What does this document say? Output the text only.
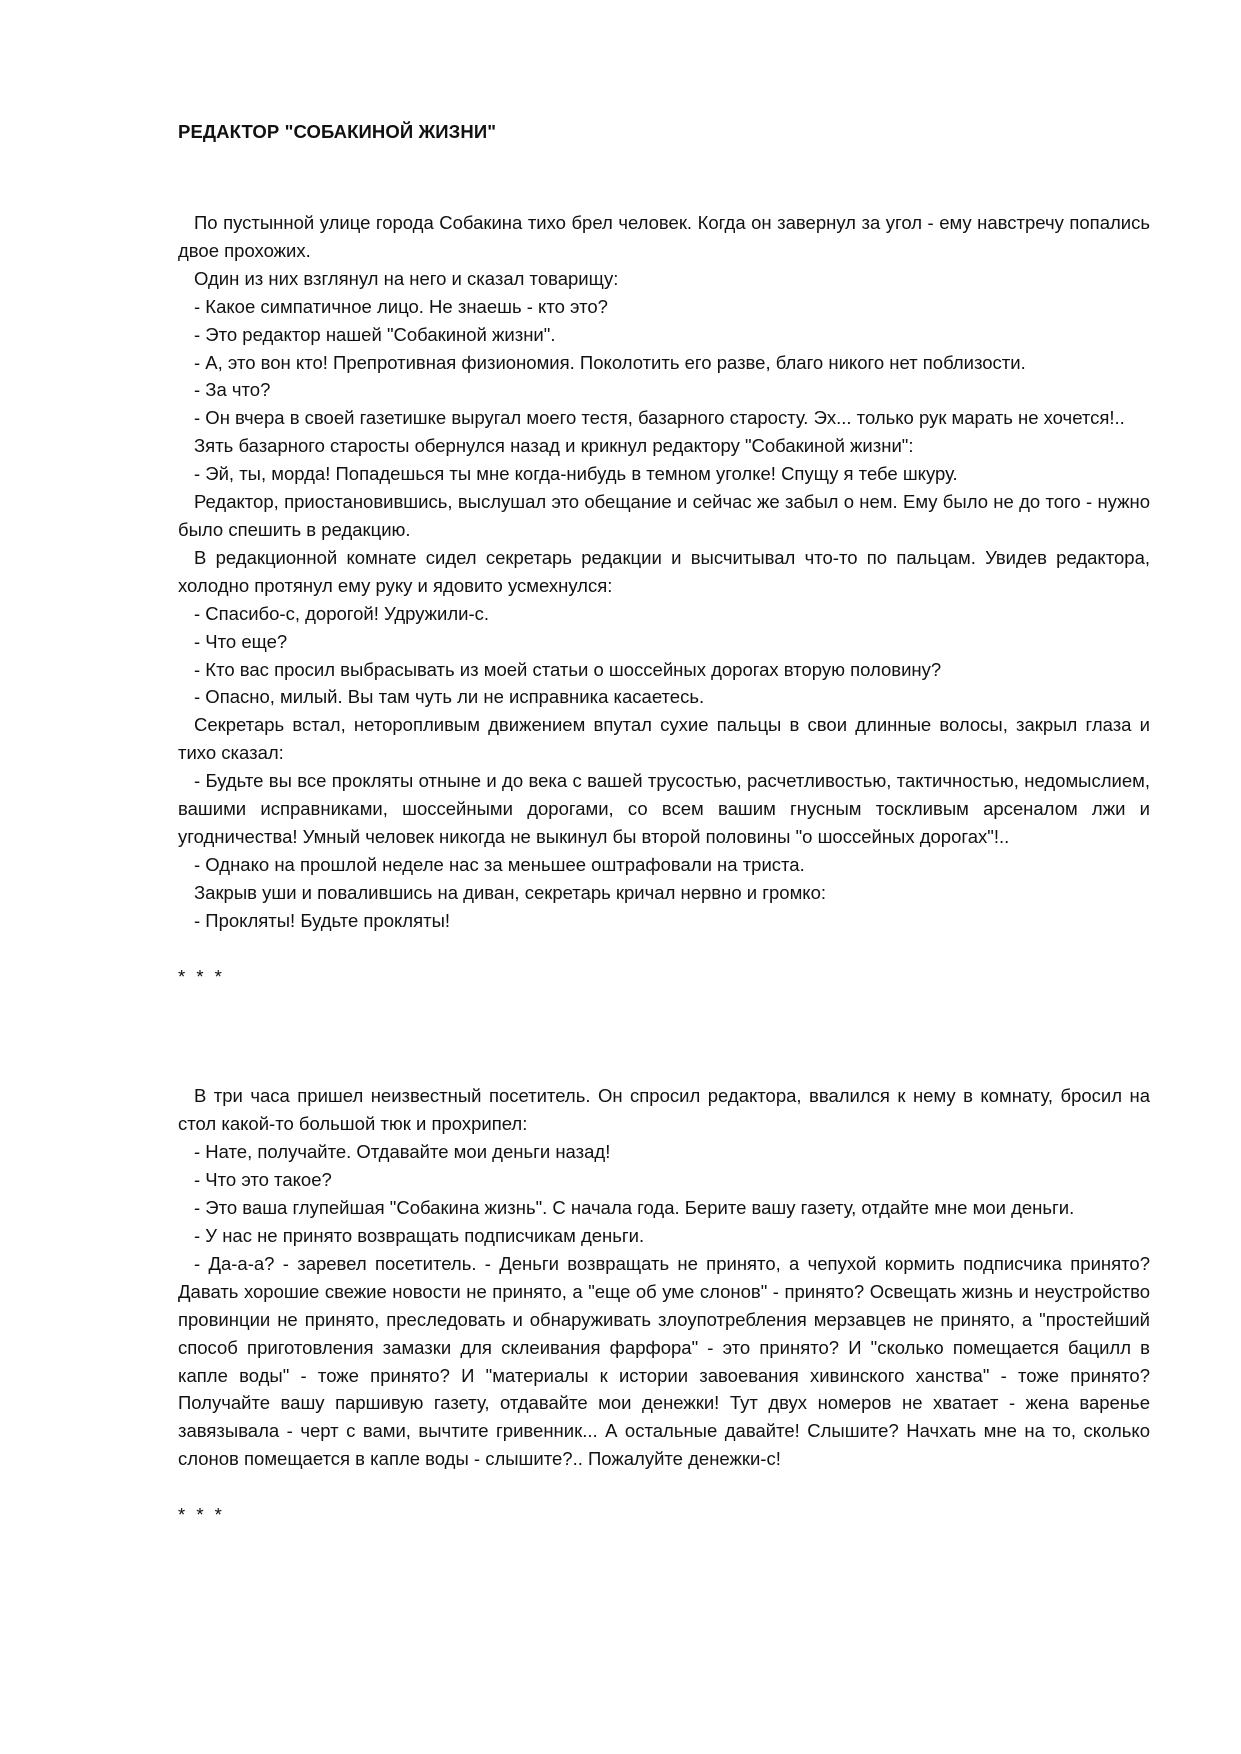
РЕДАКТОР "СОБАКИНОЙ ЖИЗНИ"

По пустынной улице города Собакина тихо брел человек. Когда он завернул за угол - ему навстречу попались двое прохожих.

Один из них взглянул на него и сказал товарищу:

- Какое симпатичное лицо. Не знаешь - кто это?

- Это редактор нашей "Собакиной жизни".

- А, это вон кто! Препротивная физиономия. Поколотить его разве, благо никого нет поблизости.

- За что?

- Он вчера в своей газетишке выругал моего тестя, базарного старосту. Эх... только рук марать не хочется!..

Зять базарного старосты обернулся назад и крикнул редактору "Собакиной жизни":

- Эй, ты, морда! Попадешься ты мне когда-нибудь в темном уголке! Спущу я тебе шкуру.

Редактор, приостановившись, выслушал это обещание и сейчас же забыл о нем. Ему было не до того - нужно было спешить в редакцию.

В редакционной комнате сидел секретарь редакции и высчитывал что-то по пальцам. Увидев редактора, холодно протянул ему руку и ядовито усмехнулся:

- Спасибо-с, дорогой! Удружили-с.

- Что еще?

- Кто вас просил выбрасывать из моей статьи о шоссейных дорогах вторую половину?

- Опасно, милый. Вы там чуть ли не исправника касаетесь.

Секретарь встал, неторопливым движением впутал сухие пальцы в свои длинные волосы, закрыл глаза и тихо сказал:

- Будьте вы все прокляты отныне и до века с вашей трусостью, расчетливостью, тактичностью, недомыслием, вашими исправниками, шоссейными дорогами, со всем вашим гнусным тоскливым арсеналом лжи и угодничества! Умный человек никогда не выкинул бы второй половины "о шоссейных дорогах"!..

- Однако на прошлой неделе нас за меньшее оштрафовали на триста.

Закрыв уши и повалившись на диван, секретарь кричал нервно и громко:

- Прокляты! Будьте прокляты!

* * *

В три часа пришел неизвестный посетитель. Он спросил редактора, ввалился к нему в комнату, бросил на стол какой-то большой тюк и прохрипел:

- Нате, получайте. Отдавайте мои деньги назад!

- Что это такое?

- Это ваша глупейшая "Собакина жизнь". С начала года. Берите вашу газету, отдайте мне мои деньги.

- У нас не принято возвращать подписчикам деньги.

- Да-а-а? - заревел посетитель. - Деньги возвращать не принято, а чепухой кормить подписчика принято? Давать хорошие свежие новости не принято, а "еще об уме слонов" - принято? Освещать жизнь и неустройство провинции не принято, преследовать и обнаруживать злоупотребления мерзавцев не принято, а "простейший способ приготовления замазки для склеивания фарфора" - это принято? И "сколько помещается бацилл в капле воды" - тоже принято? И "материалы к истории завоевания хивинского ханства" - тоже принято? Получайте вашу паршивую газету, отдавайте мои денежки! Тут двух номеров не хватает - жена варенье завязывала - черт с вами, вычтите гривенник... А остальные давайте! Слышите? Начхать мне на то, сколько слонов помещается в капле воды - слышите?.. Пожалуйте денежки-с!

* * *
